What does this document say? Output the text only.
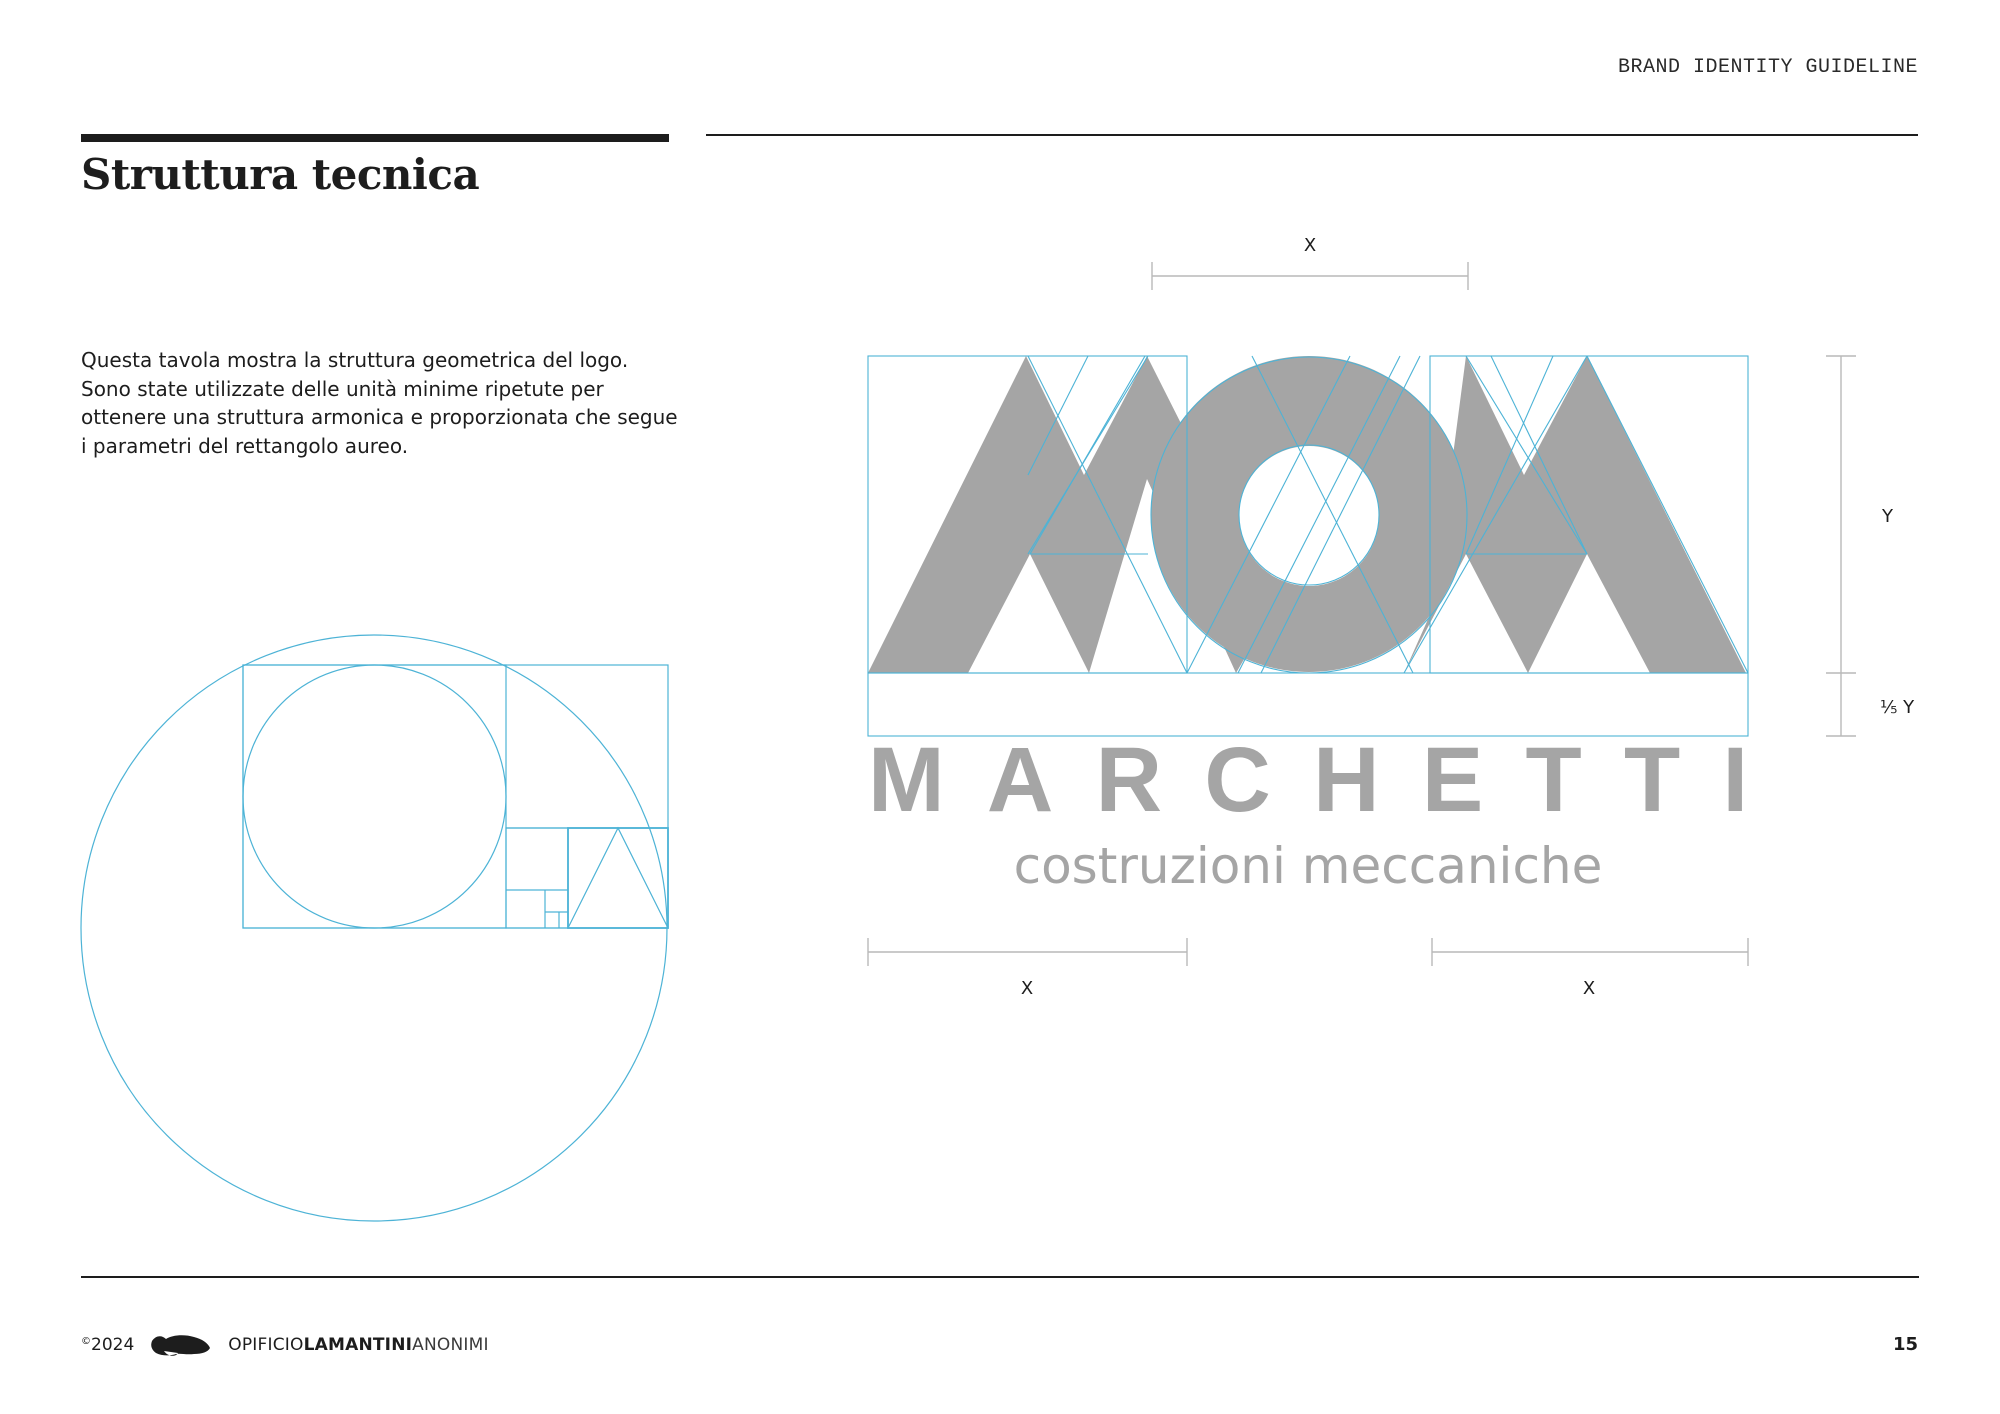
BRAND IDENTITY GUIDELINE
Struttura tecnica

Questa tavola mostra la struttura geometrica del logo. Sono state utilizzate delle unità minime ripetute per ottenere una struttura armonica e proporzionata che segue i parametri del rettangolo aureo.

X
Y
⅕ Y
MARCHETTI
costruzioni meccaniche
X	X
©2024	OPIFICIOLAMANTINIANONIMI	15
